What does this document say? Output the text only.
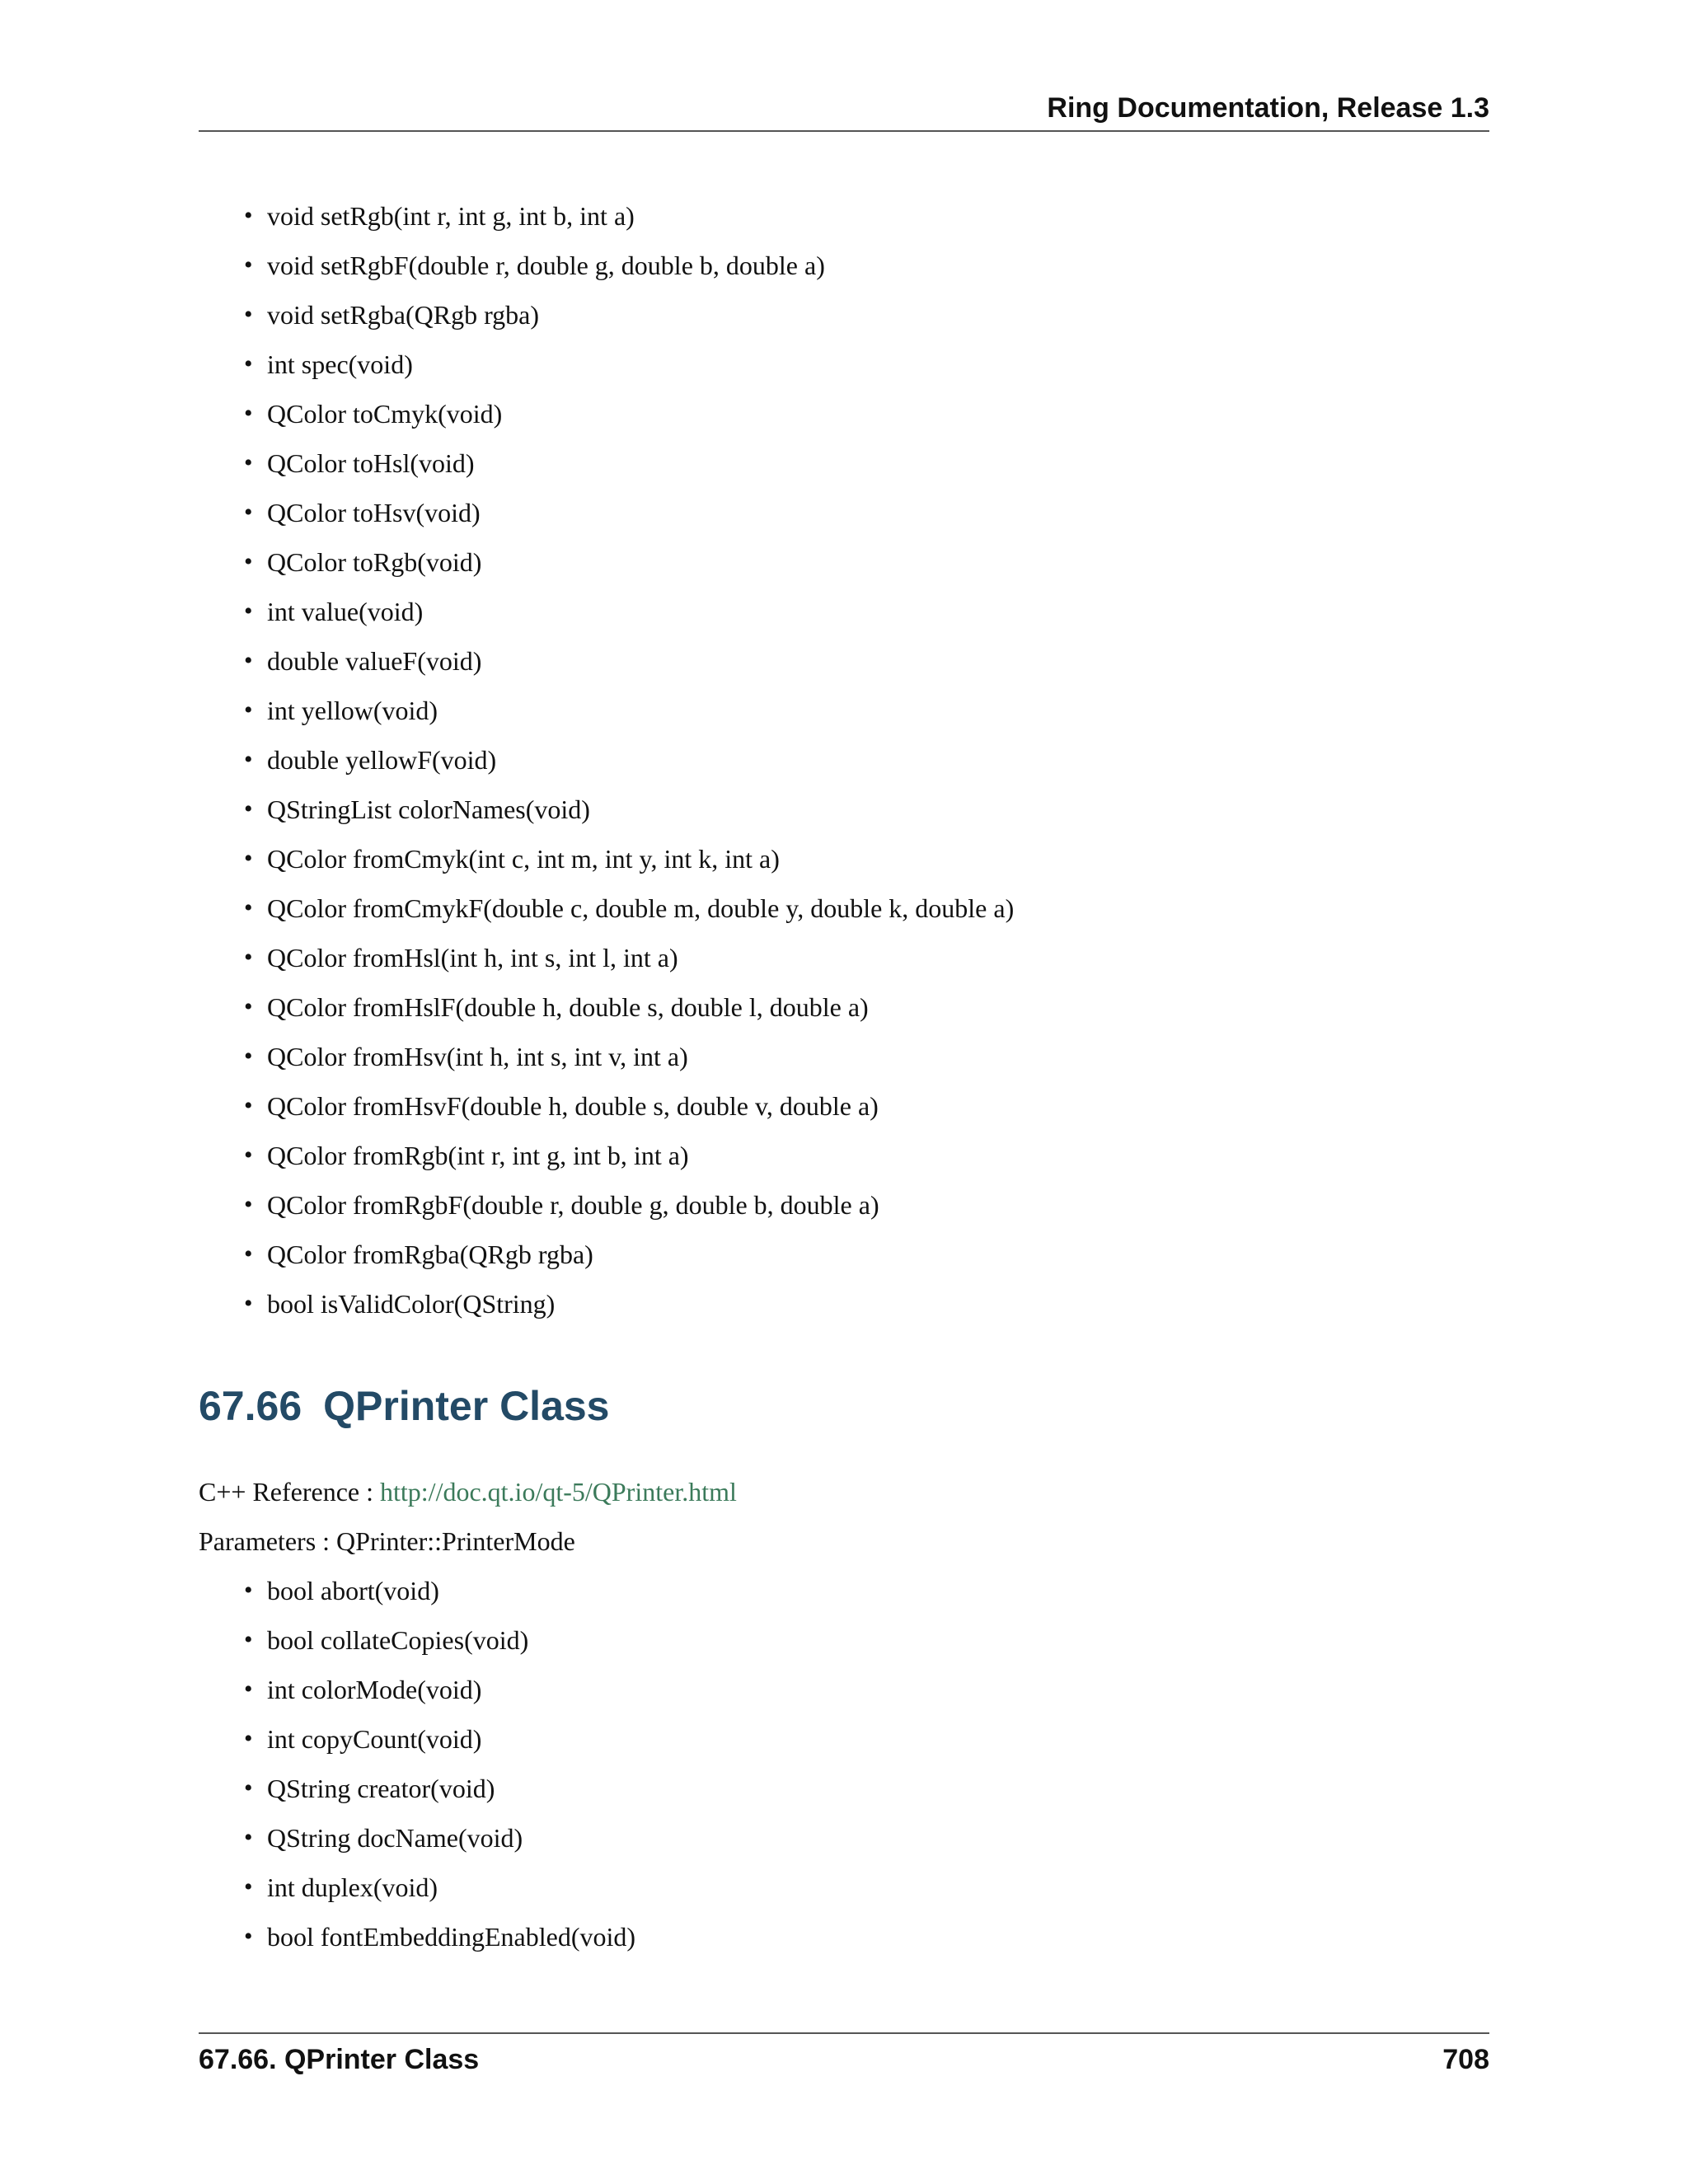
Ring Documentation, Release 1.3
• void setRgb(int r, int g, int b, int a)
• void setRgbF(double r, double g, double b, double a)
• void setRgba(QRgb rgba)
• int spec(void)
• QColor toCmyk(void)
• QColor toHsl(void)
• QColor toHsv(void)
• QColor toRgb(void)
• int value(void)
• double valueF(void)
• int yellow(void)
• double yellowF(void)
• QStringList colorNames(void)
• QColor fromCmyk(int c, int m, int y, int k, int a)
• QColor fromCmykF(double c, double m, double y, double k, double a)
• QColor fromHsl(int h, int s, int l, int a)
• QColor fromHslF(double h, double s, double l, double a)
• QColor fromHsv(int h, int s, int v, int a)
• QColor fromHsvF(double h, double s, double v, double a)
• QColor fromRgb(int r, int g, int b, int a)
• QColor fromRgbF(double r, double g, double b, double a)
• QColor fromRgba(QRgb rgba)
• bool isValidColor(QString)
67.66 QPrinter Class
C++ Reference : http://doc.qt.io/qt-5/QPrinter.html
Parameters : QPrinter::PrinterMode
• bool abort(void)
• bool collateCopies(void)
• int colorMode(void)
• int copyCount(void)
• QString creator(void)
• QString docName(void)
• int duplex(void)
• bool fontEmbeddingEnabled(void)
67.66. QPrinter Class	708
